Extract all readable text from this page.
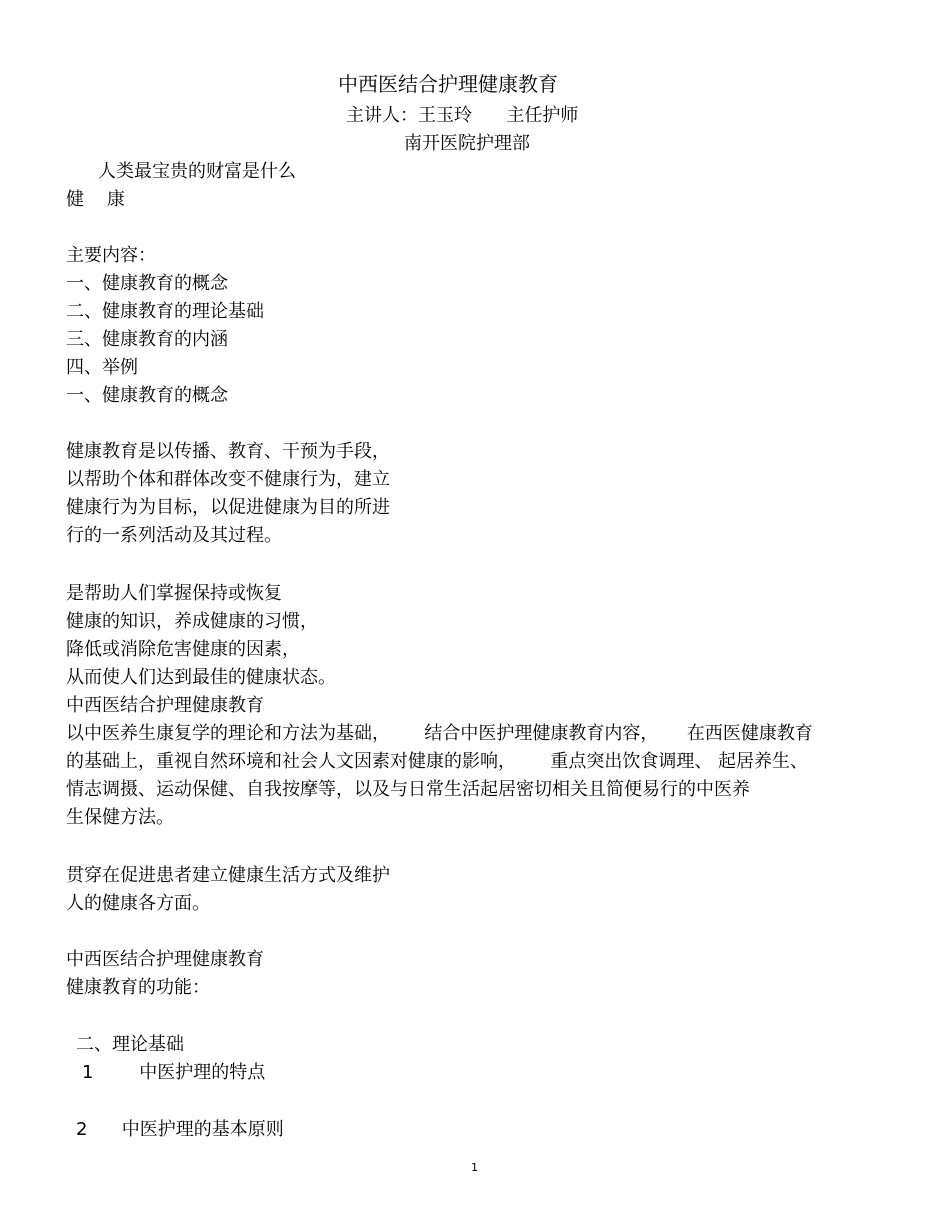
中西医结合护理健康教育
主讲人：王玉玲      主任护师
南开医院护理部
人类最宝贵的财富是什么
健    康
主要内容：
一、健康教育的概念
二、健康教育的理论基础
三、健康教育的内涵
四、举例
一、健康教育的概念
健康教育是以传播、教育、干预为手段，
以帮助个体和群体改变不健康行为，建立
健康行为为目标，以促进健康为目的所进
行的一系列活动及其过程。
是帮助人们掌握保持或恢复
健康的知识，养成健康的习惯，
降低或消除危害健康的因素，
从而使人们达到最佳的健康状态。
中西医结合护理健康教育
以中医养生康复学的理论和方法为基础，      结合中医护理健康教育内容，     在西医健康教育
的基础上，重视自然环境和社会人文因素对健康的影响，      重点突出饮食调理、 起居养生、
情志调摄、运动保健、自我按摩等，以及与日常生活起居密切相关且简便易行的中医养
生保健方法。
贯穿在促进患者建立健康生活方式及维护
人的健康各方面。
中西医结合护理健康教育
健康教育的功能：
二、理论基础
1        中医护理的特点
2      中医护理的基本原则
1
